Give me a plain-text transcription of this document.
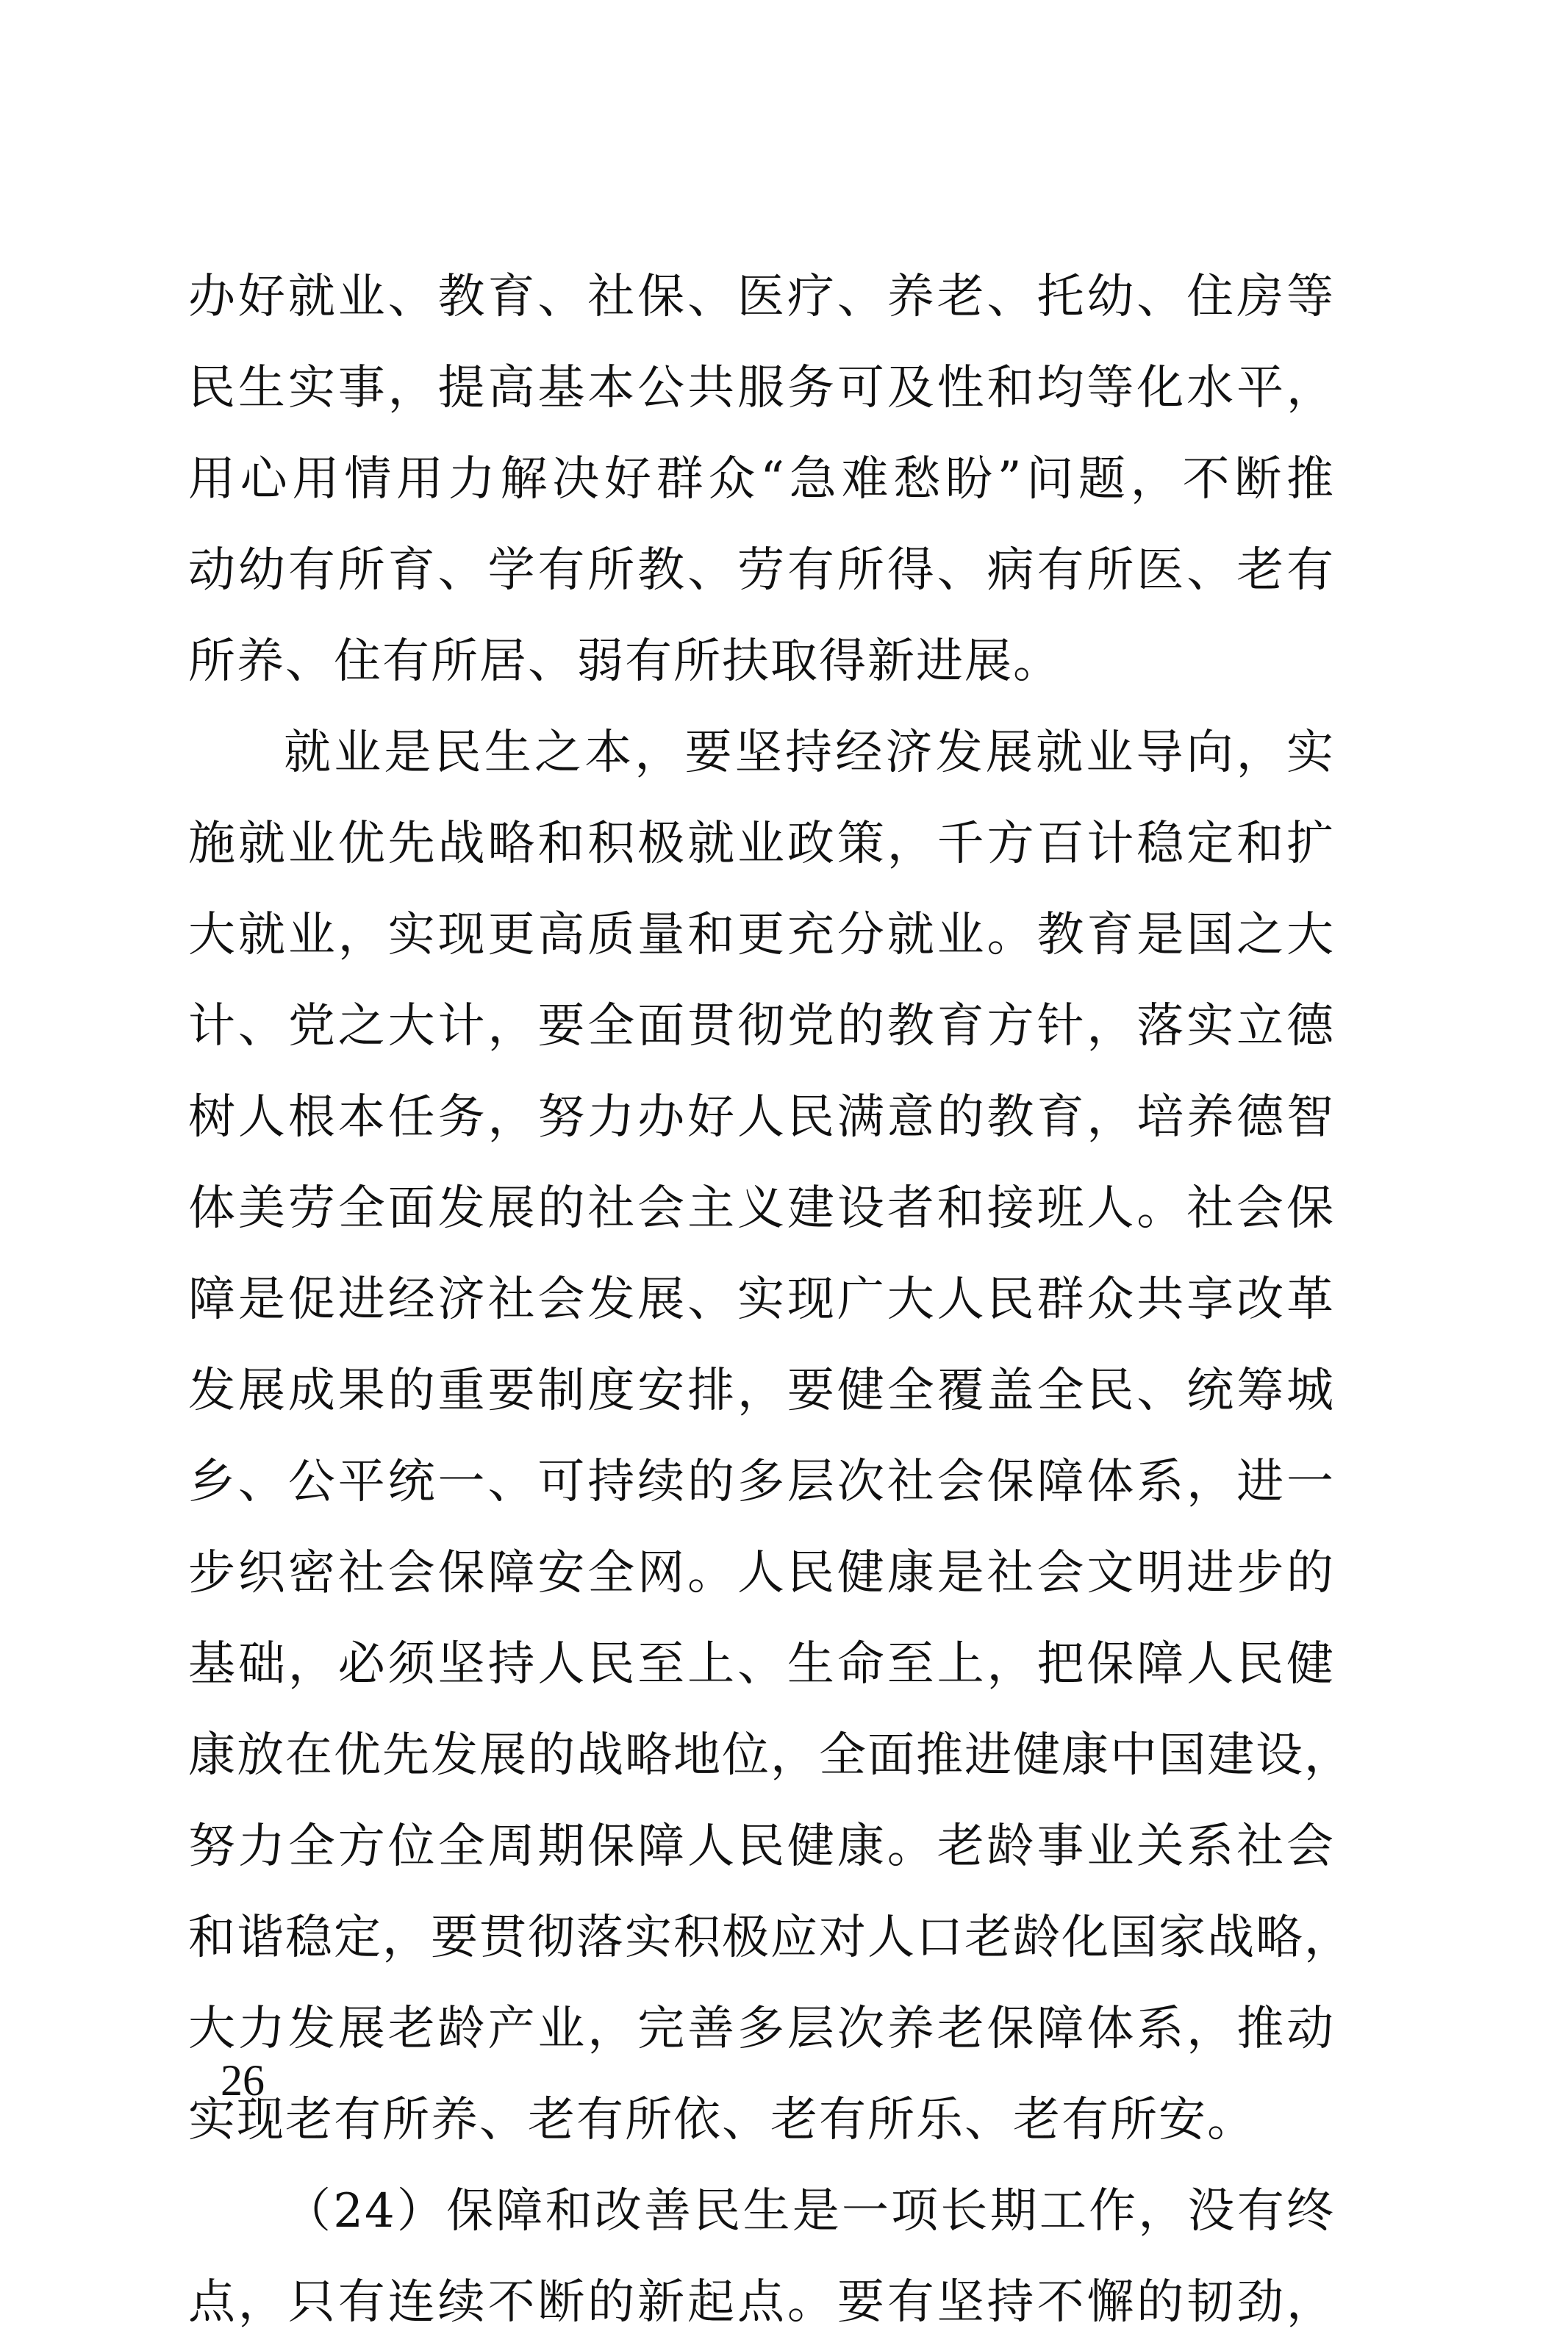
办好就业、教育、社保、医疗、养老、托幼、住房等
民生实事，提高基本公共服务可及性和均等化水平，
用心用情用力解决好群众“急难愁盼”问题，不断推
动幼有所育、学有所教、劳有所得、病有所医、老有
所养、住有所居、弱有所扶取得新进展。
就业是民生之本，要坚持经济发展就业导向，实
施就业优先战略和积极就业政策，千方百计稳定和扩
大就业，实现更高质量和更充分就业。教育是国之大
计、党之大计，要全面贯彻党的教育方针，落实立德
树人根本任务，努力办好人民满意的教育，培养德智
体美劳全面发展的社会主义建设者和接班人。社会保
障是促进经济社会发展、实现广大人民群众共享改革
发展成果的重要制度安排，要健全覆盖全民、统筹城
乡、公平统一、可持续的多层次社会保障体系，进一
步织密社会保障安全网。人民健康是社会文明进步的
基础，必须坚持人民至上、生命至上，把保障人民健
康放在优先发展的战略地位，全面推进健康中国建设，
努力全方位全周期保障人民健康。老龄事业关系社会
和谐稳定，要贯彻落实积极应对人口老龄化国家战略，
大力发展老龄产业，完善多层次养老保障体系，推动
实现老有所养、老有所依、老有所乐、老有所安。
（24）保障和改善民生是一项长期工作，没有终
点，只有连续不断的新起点。要有坚持不懈的韧劲，
26
